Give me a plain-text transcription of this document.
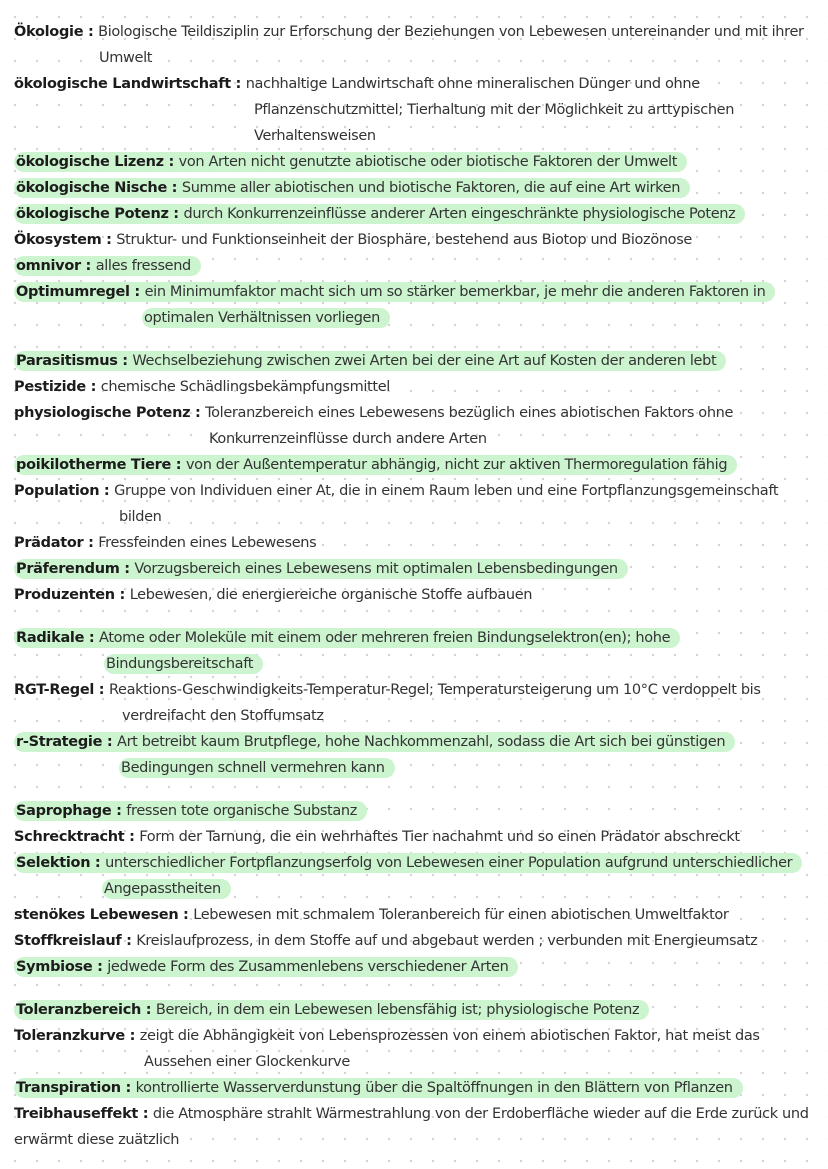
Ökologie : Biologische Teildisziplin zur Erforschung der Beziehungen von Lebewesen untereinander und mit ihrer Umwelt
ökologische Landwirtschaft : nachhaltige Landwirtschaft ohne mineralischen Dünger und ohne Pflanzenschutzmittel; Tierhaltung mit der Möglichkeit zu arttypischen Verhaltensweisen
ökologische Lizenz : von Arten nicht genutzte abiotische oder biotische Faktoren der Umwelt
ökologische Nische : Summe aller abiotischen und biotische Faktoren, die auf eine Art wirken
ökologische Potenz : durch Konkurrenzeinflüsse anderer Arten eingeschränkte physiologische Potenz
Ökosystem : Struktur- und Funktionseinheit der Biosphäre, bestehend aus Biotop und Biozönose
omnivor : alles fressend
Optimumregel : ein Minimumfaktor macht sich um so stärker bemerkbar, je mehr die anderen Faktoren in optimalen Verhältnissen vorliegen
Parasitismus : Wechselbeziehung zwischen zwei Arten bei der eine Art auf Kosten der anderen lebt
Pestizide : chemische Schädlingsbekämpfungsmittel
physiologische Potenz : Toleranzbereich eines Lebewesens bezüglich eines abiotischen Faktors ohne Konkurrenzeinflüsse durch andere Arten
poikilotherme Tiere : von der Außentemperatur abhängig, nicht zur aktiven Thermoregulation fähig
Population : Gruppe von Individuen einer At, die in einem Raum leben und eine Fortpflanzungsgemeinschaft bilden
Prädator : Fressfeinden eines Lebewesens
Präferendum : Vorzugsbereich eines Lebewesens mit optimalen Lebensbedingungen
Produzenten : Lebewesen, die energiereiche organische Stoffe aufbauen
Radikale : Atome oder Moleküle mit einem oder mehreren freien Bindungselektron(en); hohe Bindungsbereitschaft
RGT-Regel : Reaktions-Geschwindigkeits-Temperatur-Regel; Temperatursteigerung um 10°C verdoppelt bis verdreifacht den Stoffumsatz
r-Strategie : Art betreibt kaum Brutpflege, hohe Nachkommenzahl, sodass die Art sich bei günstigen Bedingungen schnell vermehren kann
Saprophage : fressen tote organische Substanz
Schrecktracht : Form der Tarnung, die ein wehrhaftes Tier nachahmt und so einen Prädator abschreckt
Selektion : unterschiedlicher Fortpflanzungserfolg von Lebewesen einer Population aufgrund unterschiedlicher Angepasstheiten
stenökes Lebewesen : Lebewesen mit schmalem Toleranbereich für einen abiotischen Umweltfaktor
Stoffkreislauf : Kreislaufprozess, in dem Stoffe auf und abgebaut werden ; verbunden mit Energieumsatz
Symbiose : jedwede Form des Zusammenlebens verschiedener Arten
Toleranzbereich : Bereich, in dem ein Lebewesen lebensfähig ist; physiologische Potenz
Toleranzkurve : zeigt die Abhängigkeit von Lebensprozessen von einem abiotischen Faktor, hat meist das Aussehen einer Glockenkurve
Transpiration : kontrollierte Wasserverdunstung über die Spaltöffnungen in den Blättern von Pflanzen
Treibhauseffekt : die Atmosphäre strahlt Wärmestrahlung von der Erdoberfläche wieder auf die Erde zurück und erwärmt diese zuätzlich
